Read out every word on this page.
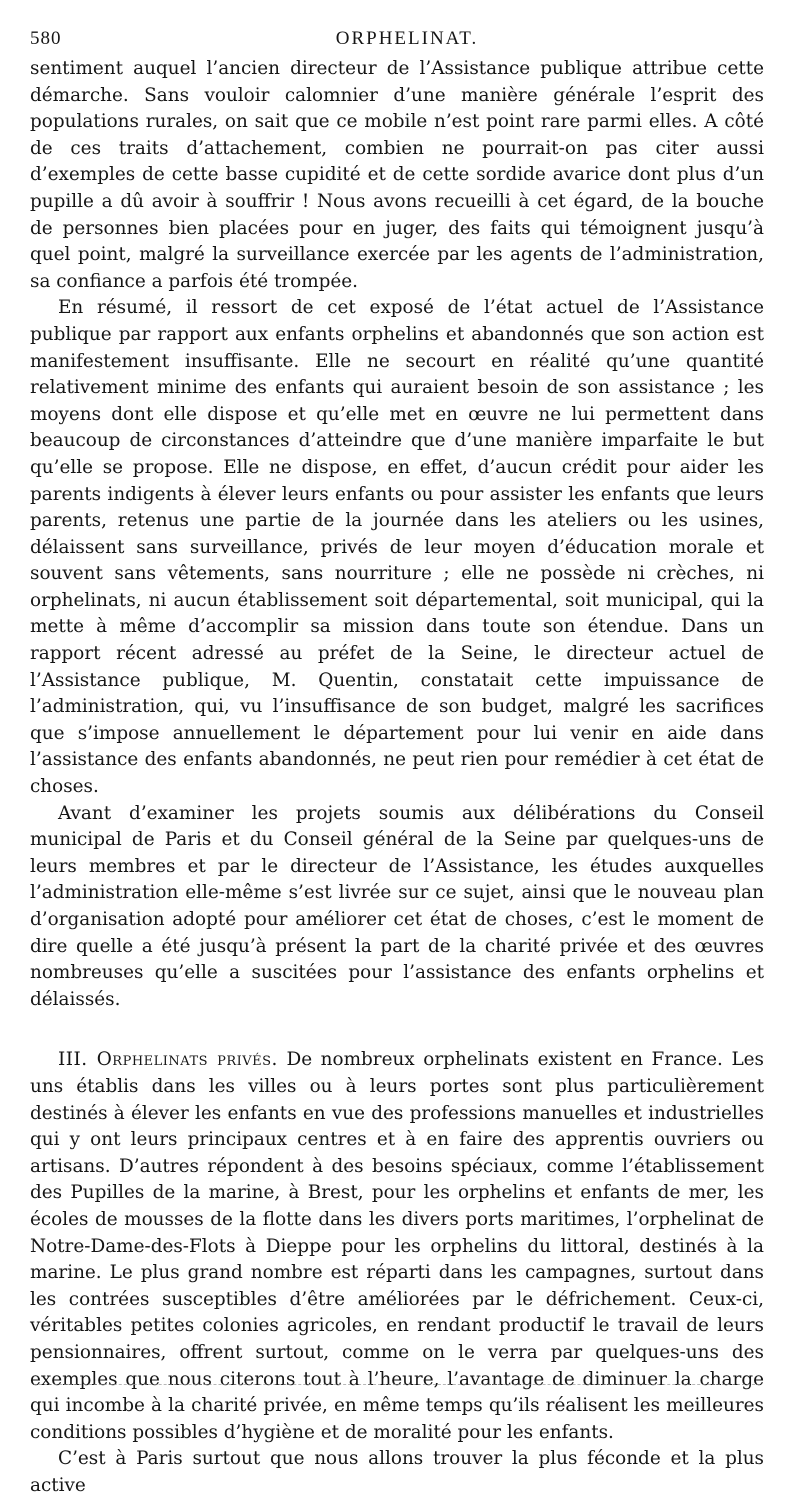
580	ORPHELINAT.

sentiment auquel l’ancien directeur de l’Assistance publique attribue cette démarche. Sans vouloir calomnier d’une manière générale l’esprit des populations rurales, on sait que ce mobile n’est point rare parmi elles. A côté de ces traits d’attachement, combien ne pourrait-on pas citer aussi d’exemples de cette basse cupidité et de cette sordide avarice dont plus d’un pupille a dû avoir à souffrir ! Nous avons recueilli à cet égard, de la bouche de personnes bien placées pour en juger, des faits qui témoignent jusqu’à quel point, malgré la surveillance exercée par les agents de l’administration, sa confiance a parfois été trompée.

En résumé, il ressort de cet exposé de l’état actuel de l’Assistance publique par rapport aux enfants orphelins et abandonnés que son action est manifestement insuffisante. Elle ne secourt en réalité qu’une quantité relativement minime des enfants qui auraient besoin de son assistance ; les moyens dont elle dispose et qu’elle met en œuvre ne lui permettent dans beaucoup de circonstances d’atteindre que d’une manière imparfaite le but qu’elle se propose. Elle ne dispose, en effet, d’aucun crédit pour aider les parents indigents à élever leurs enfants ou pour assister les enfants que leurs parents, retenus une partie de la journée dans les ateliers ou les usines, délaissent sans surveillance, privés de leur moyen d’éducation morale et souvent sans vêtements, sans nourriture ; elle ne possède ni crèches, ni orphelinats, ni aucun établissement soit départemental, soit municipal, qui la mette à même d’accomplir sa mission dans toute son étendue. Dans un rapport récent adressé au préfet de la Seine, le directeur actuel de l’Assistance publique, M. Quentin, constatait cette impuissance de l’administration, qui, vu l’insuffisance de son budget, malgré les sacrifices que s’impose annuellement le département pour lui venir en aide dans l’assistance des enfants abandonnés, ne peut rien pour remédier à cet état de choses.

Avant d’examiner les projets soumis aux délibérations du Conseil municipal de Paris et du Conseil général de la Seine par quelques-uns de leurs membres et par le directeur de l’Assistance, les études auxquelles l’administration elle-même s’est livrée sur ce sujet, ainsi que le nouveau plan d’organisation adopté pour améliorer cet état de choses, c’est le moment de dire quelle a été jusqu’à présent la part de la charité privée et des œuvres nombreuses qu’elle a suscitées pour l’assistance des enfants orphelins et délaissés.

III. Orphelinats privés. De nombreux orphelinats existent en France. Les uns établis dans les villes ou à leurs portes sont plus particulièrement destinés à élever les enfants en vue des professions manuelles et industrielles qui y ont leurs principaux centres et à en faire des apprentis ouvriers ou artisans. D’autres répondent à des besoins spéciaux, comme l’établissement des Pupilles de la marine, à Brest, pour les orphelins et enfants de mer, les écoles de mousses de la flotte dans les divers ports maritimes, l’orphelinat de Notre-Dame-des-Flots à Dieppe pour les orphelins du littoral, destinés à la marine. Le plus grand nombre est réparti dans les campagnes, surtout dans les contrées susceptibles d’être améliorées par le défrichement. Ceux-ci, véritables petites colonies agricoles, en rendant productif le travail de leurs pensionnaires, offrent surtout, comme on le verra par quelques-uns des exemples que nous citerons tout à l’heure, l’avantage de diminuer la charge qui incombe à la charité privée, en même temps qu’ils réalisent les meilleures conditions possibles d’hygiène et de moralité pour les enfants.

C’est à Paris surtout que nous allons trouver la plus féconde et la plus active
